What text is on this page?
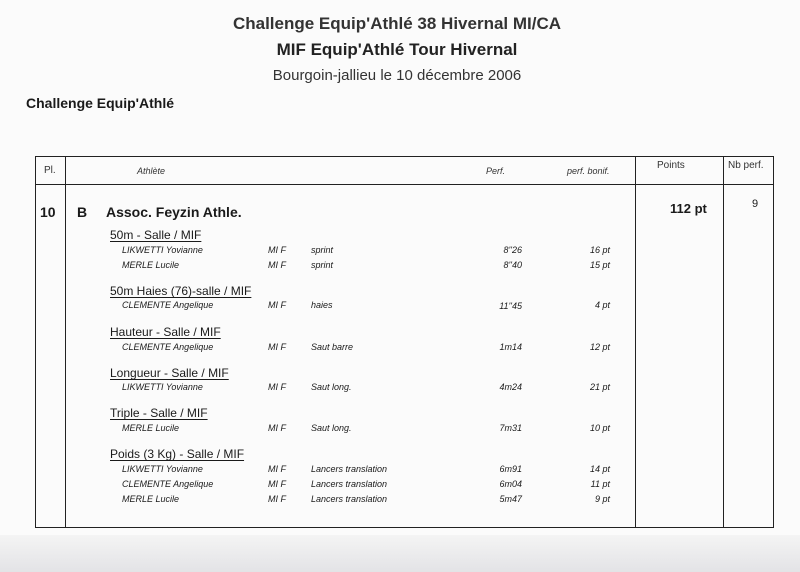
Challenge Equip'Athlé 38 Hivernal MI/CA
MIF Equip'Athlé Tour Hivernal
Bourgoin-jallieu le 10 décembre 2006
Challenge Equip'Athlé
Pl.	Athlète	Perf.	perf. bonif.	Points	Nb perf.
10 B Assoc. Feyzin Athle.	112 pt	9
50m - Salle / MIF
LIKWETTI Yovianne	MI F	sprint	8''26	16 pt
MERLE Lucile	MI F	sprint	8''40	15 pt
50m Haies (76)-salle / MIF
CLEMENTE Angelique	MI F	haies	11''45	4 pt
Hauteur - Salle / MIF
CLEMENTE Angelique	MI F	Saut barre	1m14	12 pt
Longueur - Salle / MIF
LIKWETTI Yovianne	MI F	Saut long.	4m24	21 pt
Triple - Salle / MIF
MERLE Lucile	MI F	Saut long.	7m31	10 pt
Poids (3 Kg) - Salle / MIF
LIKWETTI Yovianne	MI F	Lancers translation	6m91	14 pt
CLEMENTE Angelique	MI F	Lancers translation	6m04	11 pt
MERLE Lucile	MI F	Lancers translation	5m47	9 pt
